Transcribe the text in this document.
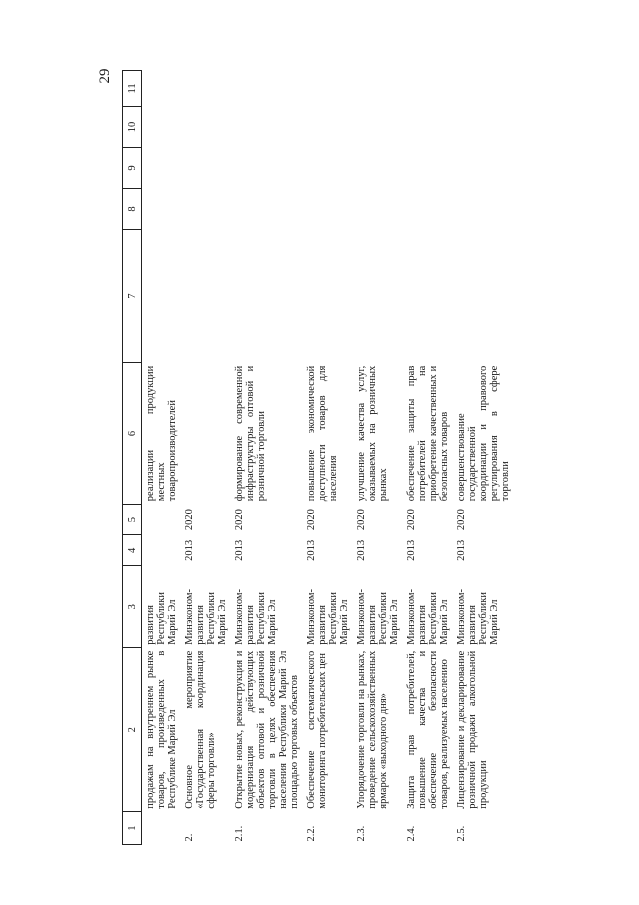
29
1	2	3	4	5	6	7	8	9	10	11
	продажам на внутреннем рынке товаров, произведенных в Республике Марий Эл	развития Республики Марий Эл			реализации продукции местных товаропроизводителей					
2.	Основное мероприятие «Государственная координация сферы торговли»	Минэконом-развития Республики Марий Эл	2013	2020						
2.1.	Открытие новых, реконструкция и модернизация действующих объектов оптовой и розничной торговли в целях обеспечения населения Республики Марий Эл площадью торговых объектов	Минэконом-развития Республики Марий Эл	2013	2020	формирование современной инфраструктуры оптовой и розничной торговли					
2.2.	Обеспечение систематического мониторинга потребительских цен	Минэконом-развития Республики Марий Эл	2013	2020	повышение экономической доступности товаров для населения					
2.3.	Упорядочение торговли на рынках, проведение сельскохозяйственных ярмарок «выходного дня»	Минэконом-развития Республики Марий Эл	2013	2020	улучшение качества услуг, оказываемых на розничных рынках					
2.4.	Защита прав потребителей, повышение качества и обеспечение безопасности товаров, реализуемых населению	Минэконом-развития Республики Марий Эл	2013	2020	обеспечение защиты прав потребителей на приобретение качественных и безопасных товаров					
2.5.	Лицензирование и декларирование розничной продажи алкогольной продукции	Минэконом-развития Республики Марий Эл	2013	2020	совершенствование государственной координации и правового регулирования в сфере торговли					
